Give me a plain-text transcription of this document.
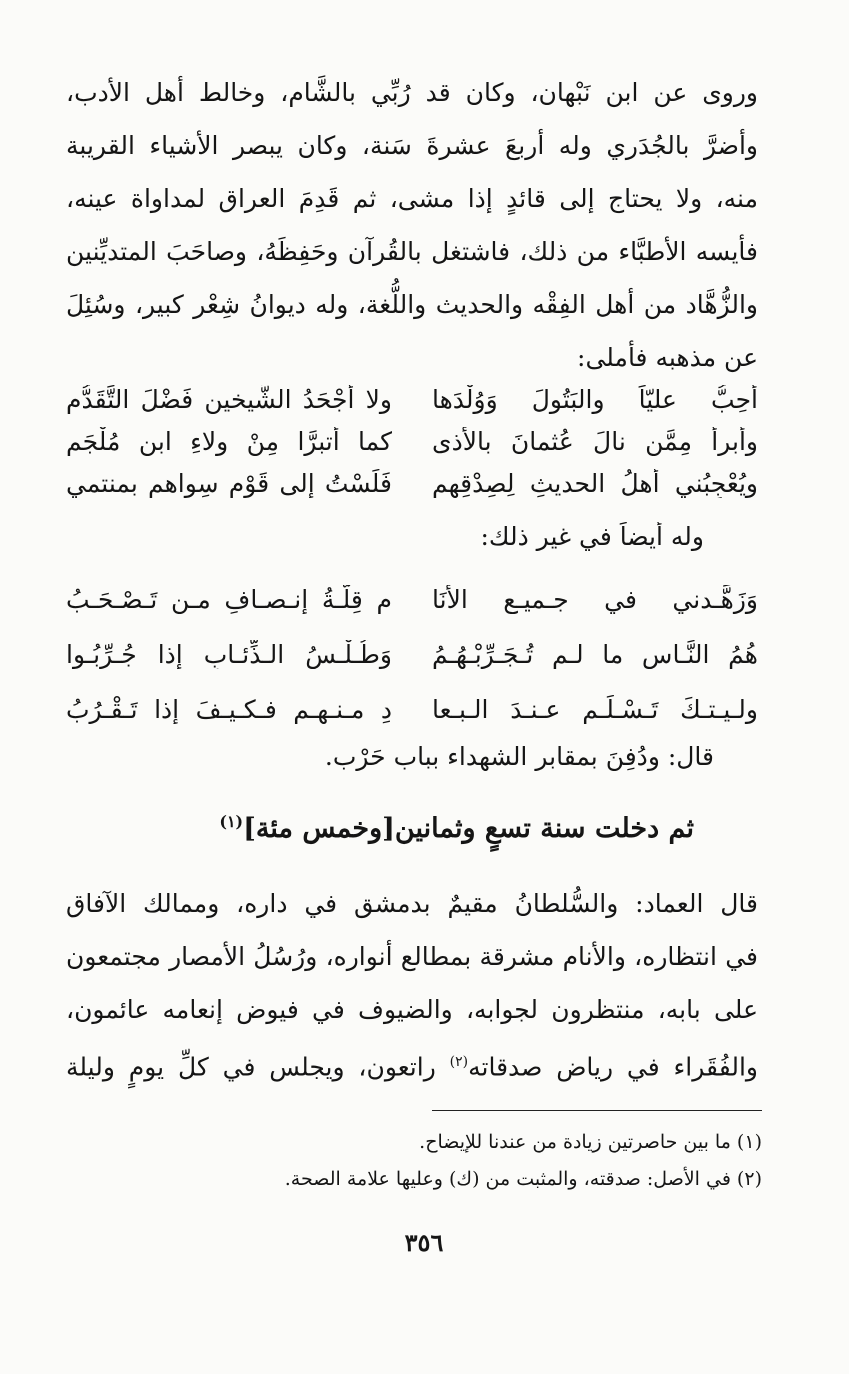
وروى عن ابن نَبْهان، وكان قد رُبِّي بالشَّام، وخالط أهل الأدب،
وأضرَّ بالجُدَري وله أربعَ عشرةَ سَنة، وكان يبصر الأشياء القريبة
منه، ولا يحتاج إلى قائدٍ إذا مشى، ثم قَدِمَ العراق لمداواة عينه،
فأيسه الأطبَّاء من ذلك، فاشتغل بالقُرآن وحَفِظَهُ، وصاحَبَ المتديِّنين
والزُّهَّاد من أهل الفِقْه والحديث واللُّغة، وله ديوانُ شِعْر كبير، وسُئِلَ
عن مذهبه فأملى:
أُحِبُّ عليّاً والبَتُولَ وَوُلْدَها
ولا أجْحَدُ الشَّيخين فَضْلَ التَّقَدُّمِ
وأبرأ مِمَّن نالَ عُثمانَ بالأذى
كما أتبرَّا مِنْ ولاءِ ابنِ مُلْجَمِ
ويُعْجِبُني أهلُ الحديثِ لِصِدْقِهِم
فَلَسْتُ إلى قَوْمٍ سِواهم بمنتمي
وله أيضاً في غير ذلك:
وَزَهَّـدني في جـميـعِ الأنَا
مِ قِلَّـةُ إنـصـافِ مـن تَـصْـحَـبُ
هُمُ النَّـاس ما لـم تُـجَـرِّبْـهُـمُ
وَطُـلْـسُ الـذِّئـابِ إذا جُـرِّبُـوا
ولـيـتـكَ تَـسْـلَـم عـنـدَ الـبـعا
دِ مـنـهـم فـكـيـفَ إذا تَـقْـرُبُ
قال: ودُفِنَ بمقابر الشهداء بباب حَرْب.
ثم دخلت سنة تسعٍ وثمانين[وخمس مئة]$^{(١)}$
قال العماد: والسُّلطانُ مقيمٌ بدمشق في داره، وممالك الآفاق
في انتظاره، والأنام مشرقة بمطالع أنواره، ورُسُلُ الأمصار مجتمعون
على بابه، منتظرون لجوابه، والضيوف في فيوض إنعامه عائمون،
والفُقَراء في رياض صدقاته$^{(٢)}$ راتعون، ويجلس في كلِّ يومٍ وليلة
(١) ما بين حاصرتين زيادة من عندنا للإيضاح.
(٢) في الأصل: صدقته، والمثبت من (ك) وعليها علامة الصحة.
٣٥٦
